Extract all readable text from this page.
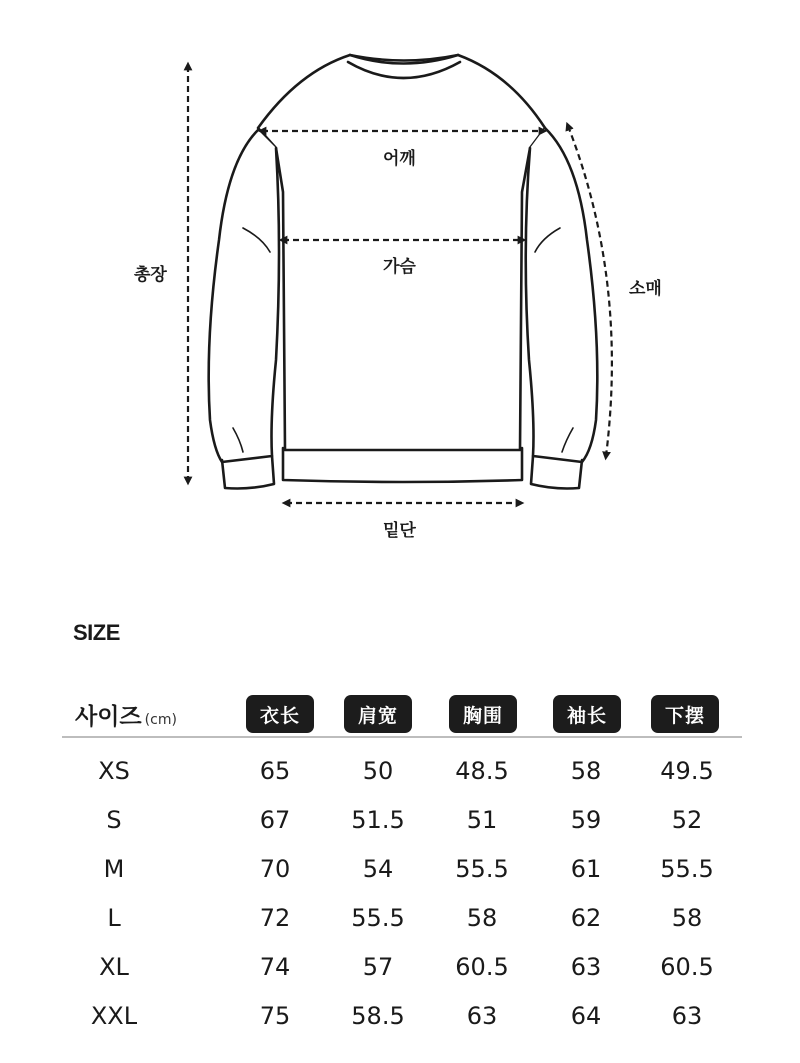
어깨
가슴
총장
소매
밑단
SIZE
사이즈 (cm)	衣长	肩宽	胸围	袖长	下摆
XS	65	50	48.5	58	49.5
S	67	51.5	51	59	52
M	70	54	55.5	61	55.5
L	72	55.5	58	62	58
XL	74	57	60.5	63	60.5
XXL	75	58.5	63	64	63
